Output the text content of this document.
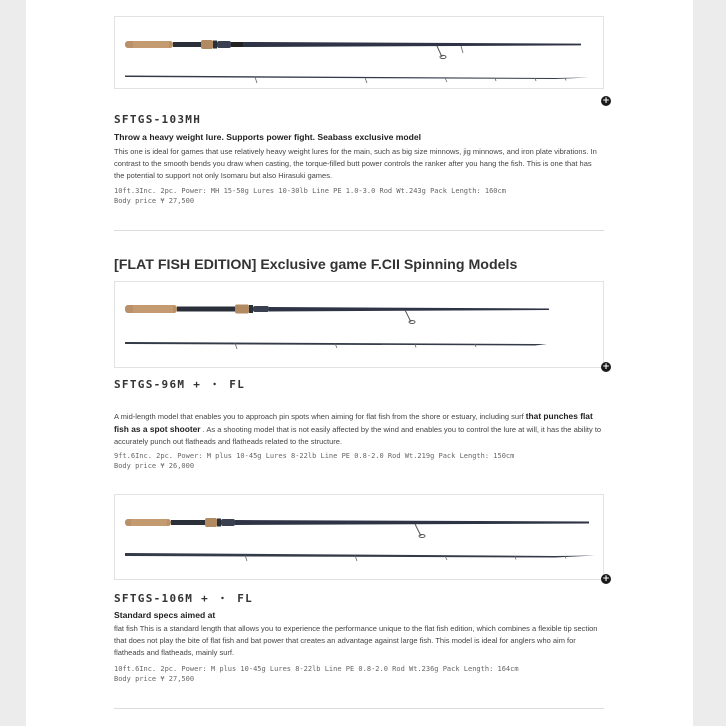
+
SFTGS-103MH
Throw a heavy weight lure. Supports power fight. Seabass exclusive model
This one is ideal for games that use relatively heavy weight lures for the main, such as big size minnows, jig minnows, and iron plate vibrations. In contrast to the smooth bends you draw when casting, the torque-filled butt power controls the ranker after you hang the fish. This is one that has the potential to support not only Isomaru but also Hirasuki games.
10ft.3Inc. 2pc. Power: MH 15-50g Lures 10-30lb Line PE 1.0-3.0 Rod Wt.243g Pack Length: 160cm
Body price ¥ 27,500
[FLAT FISH EDITION] Exclusive game F.CII Spinning Models
+
SFTGS-96M + ・ FL
A mid-length model that enables you to approach pin spots when aiming for flat fish from the shore or estuary, including surf that punches flat fish as a spot shooter . As a shooting model that is not easily affected by the wind and enables you to control the lure at will, it has the ability to accurately punch out flatheads and flatheads related to the structure.
9ft.6Inc. 2pc. Power: M plus 10-45g Lures 8-22lb Line PE 0.8-2.0 Rod Wt.219g Pack Length: 150cm
Body price ¥ 26,000
+
SFTGS-106M + ・ FL
Standard specs aimed at
flat fish This is a standard length that allows you to experience the performance unique to the flat fish edition, which combines a flexible tip section that does not play the bite of flat fish and bat power that creates an advantage against large fish. This model is ideal for anglers who aim for flatheads and flatheads, mainly surf.
10ft.6Inc. 2pc. Power: M plus 10-45g Lures 8-22lb Line PE 0.8-2.0 Rod Wt.236g Pack Length: 164cm
Body price ¥ 27,500
